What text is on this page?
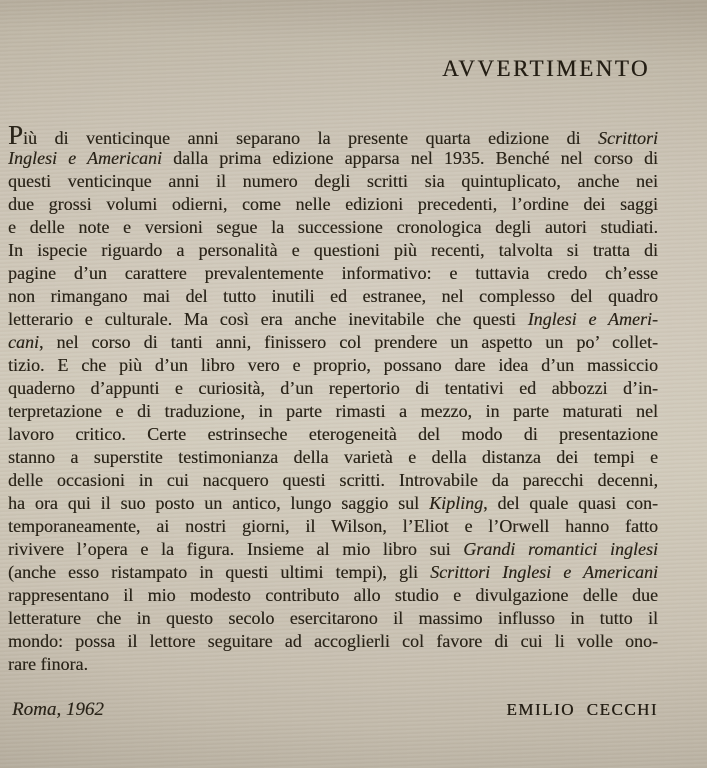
AVVERTIMENTO
Più di venticinque anni separano la presente quarta edizione di Scrittori
Inglesi e Americani dalla prima edizione apparsa nel 1935. Benché nel corso di
questi venticinque anni il numero degli scritti sia quintuplicato, anche nei
due grossi volumi odierni, come nelle edizioni precedenti, l’ordine dei saggi
e delle note e versioni segue la successione cronologica degli autori studiati.
In ispecie riguardo a personalità e questioni più recenti, talvolta si tratta di
pagine d’un carattere prevalentemente informativo: e tuttavia credo ch’esse
non rimangano mai del tutto inutili ed estranee, nel complesso del quadro
letterario e culturale. Ma così era anche inevitabile che questi Inglesi e Ameri-
cani, nel corso di tanti anni, finissero col prendere un aspetto un po’ collet-
tizio. E che più d’un libro vero e proprio, possano dare idea d’un massiccio
quaderno d’appunti e curiosità, d’un repertorio di tentativi ed abbozzi d’in-
terpretazione e di traduzione, in parte rimasti a mezzo, in parte maturati nel
lavoro critico. Certe estrinseche eterogeneità del modo di presentazione
stanno a superstite testimonianza della varietà e della distanza dei tempi e
delle occasioni in cui nacquero questi scritti. Introvabile da parecchi decenni,
ha ora qui il suo posto un antico, lungo saggio sul Kipling, del quale quasi con-
temporaneamente, ai nostri giorni, il Wilson, l’Eliot e l’Orwell hanno fatto
rivivere l’opera e la figura. Insieme al mio libro sui Grandi romantici inglesi
(anche esso ristampato in questi ultimi tempi), gli Scrittori Inglesi e Americani
rappresentano il mio modesto contributo allo studio e divulgazione delle due
letterature che in questo secolo esercitarono il massimo influsso in tutto il
mondo: possa il lettore seguitare ad accoglierli col favore di cui li volle ono-
rare finora.
Roma, 1962	EMILIO CECCHI
